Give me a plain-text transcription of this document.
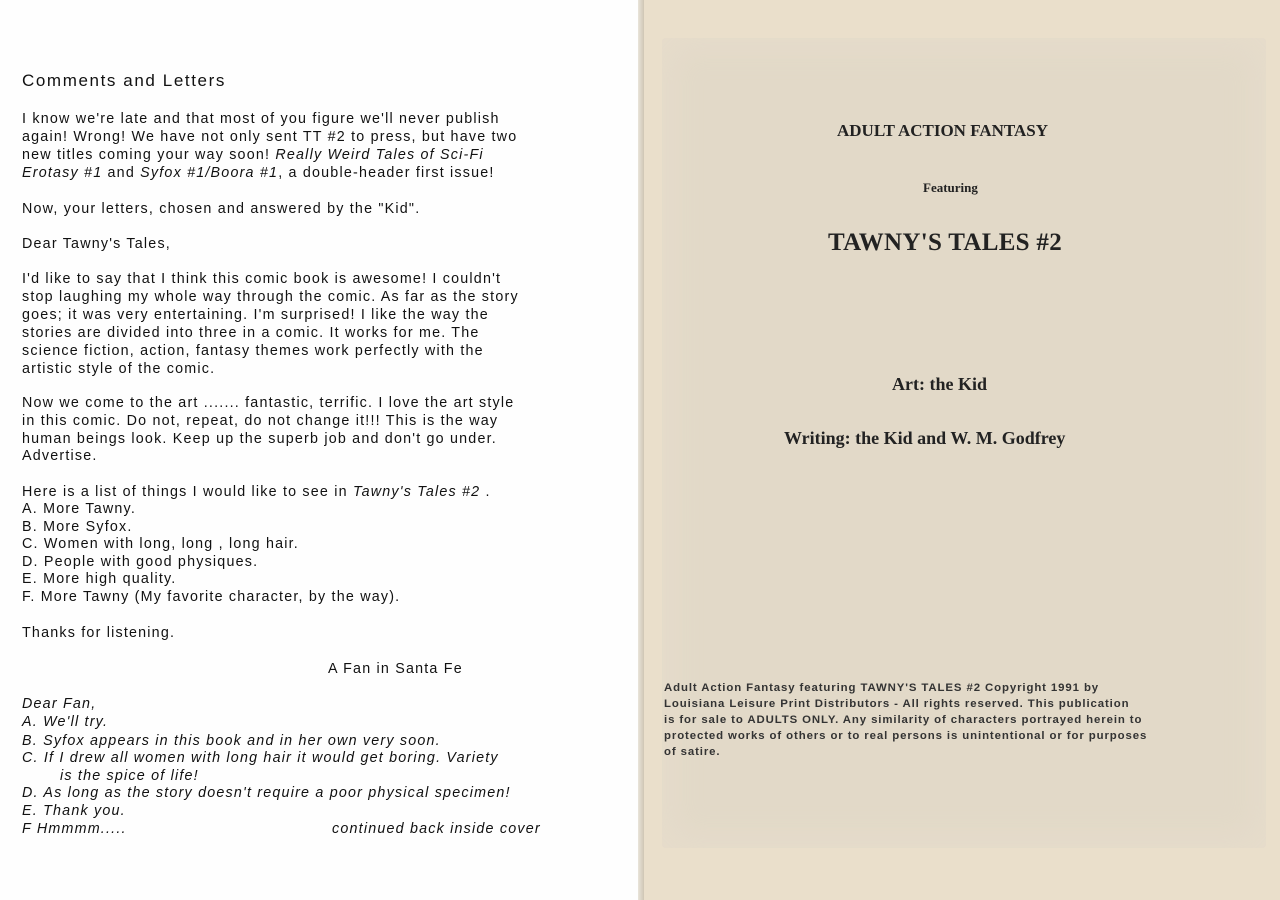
Comments and Letters
I know we're late and that most of you figure we'll never publish
again! Wrong! We have not only sent TT #2 to press, but have two
new titles coming your way soon! Really Weird Tales of Sci-Fi
Erotasy #1 and Syfox #1/Boora #1, a double-header first issue!
Now, your letters, chosen and answered by the "Kid".
Dear Tawny's Tales,
I'd like to say that I think this comic book is awesome! I couldn't
stop laughing my whole way through the comic. As far as the story
goes; it was very entertaining. I'm surprised! I like the way the
stories are divided into three in a comic. It works for me. The
science fiction, action, fantasy themes work perfectly with the
artistic style of the comic.
Now we come to the art ....... fantastic, terrific. I love the art style
in this comic. Do not, repeat, do not change it!!! This is the way
human beings look. Keep up the superb job and don't go under.
Advertise.
Here is a list of things I would like to see in Tawny's Tales #2 .
A. More Tawny.
B. More Syfox.
C. Women with long, long , long hair.
D. People with good physiques.
E. More high quality.
F. More Tawny (My favorite character, by the way).
Thanks for listening.
A Fan in Santa Fe
Dear Fan,
A. We'll try.
B. Syfox appears in this book and in her own very soon.
C. If I drew all women with long hair it would get boring. Variety
is the spice of life!
D. As long as the story doesn't require a poor physical specimen!
E. Thank you.
F Hmmmm.....	continued back inside cover
ADULT ACTION FANTASY
Featuring
TAWNY'S TALES #2
Art: the Kid
Writing: the Kid and W. M. Godfrey
Adult Action Fantasy featuring TAWNY'S TALES #2 Copyright 1991 by
Louisiana Leisure Print Distributors - All rights reserved. This publication
is for sale to ADULTS ONLY. Any similarity of characters portrayed herein to
protected works of others or to real persons is unintentional or for purposes
of satire.
